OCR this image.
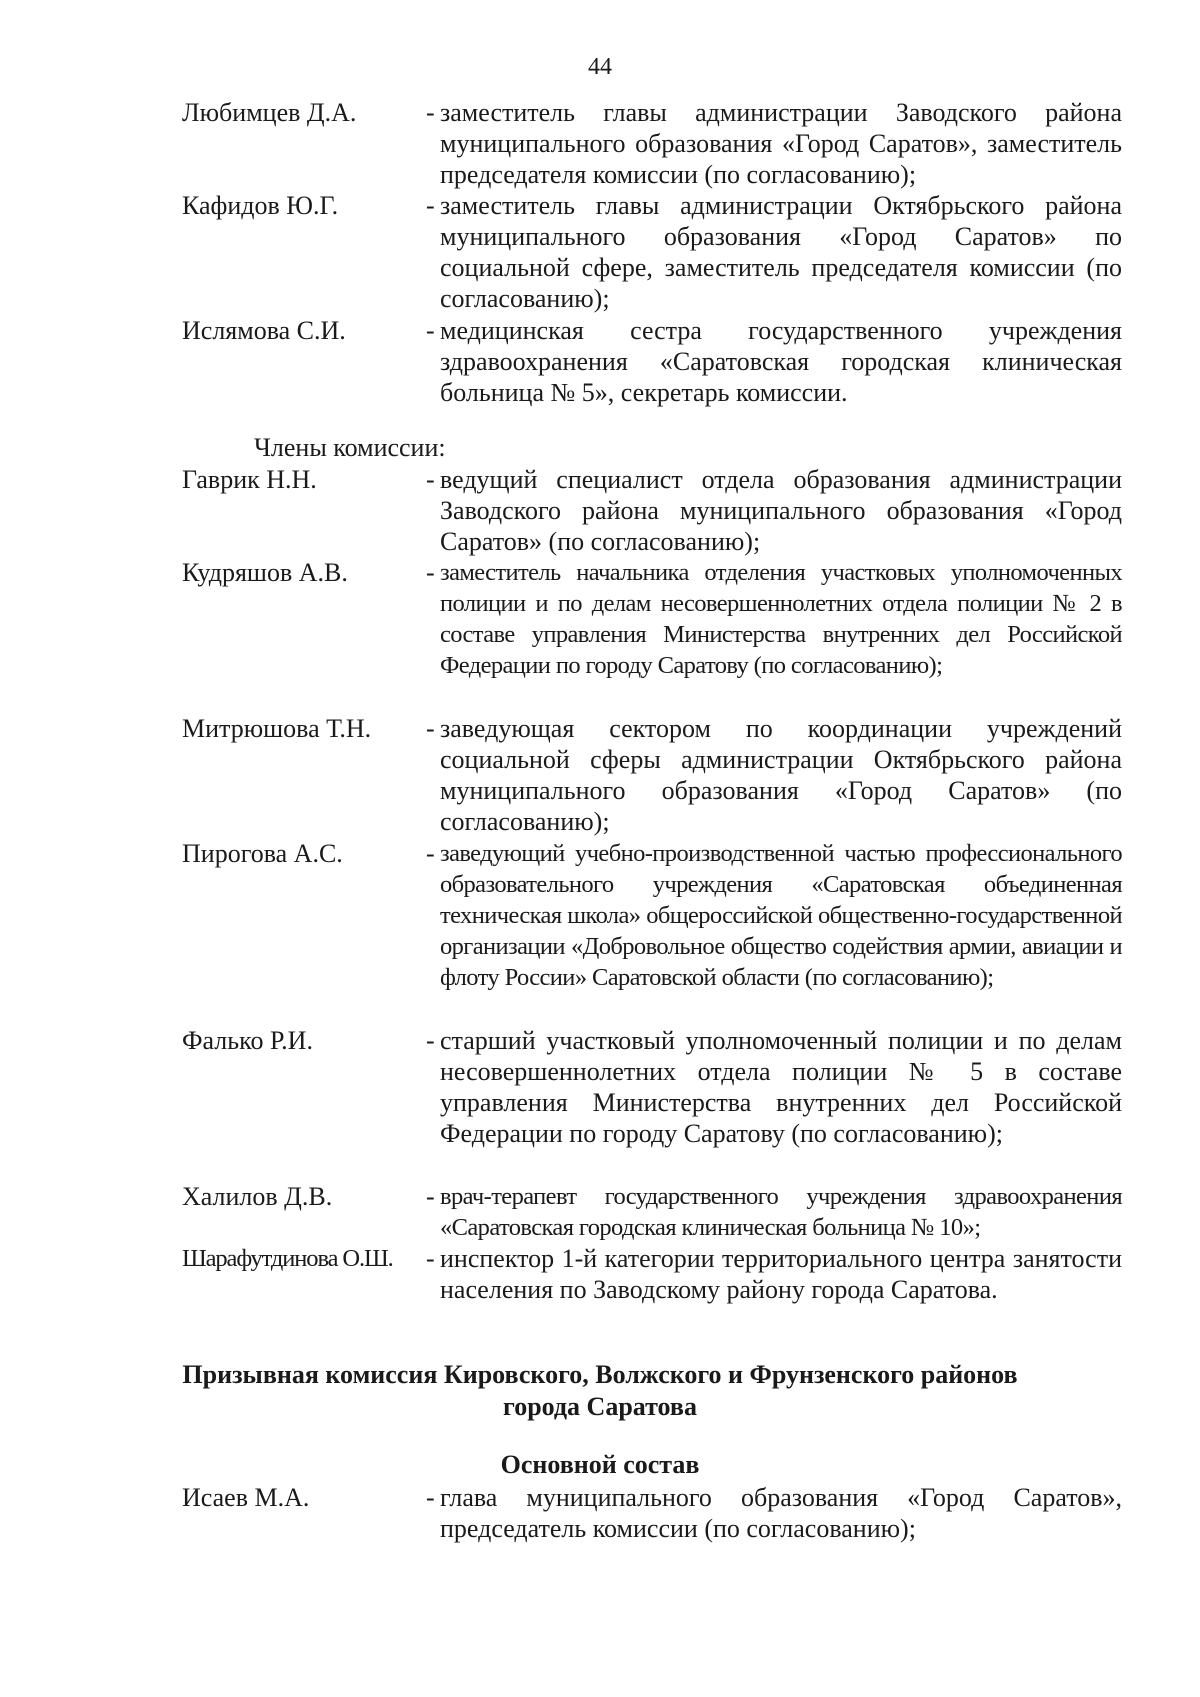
44
Любимцев Д.А.	- заместитель главы администрации Заводского района муниципального образования «Город Саратов», заместитель председателя комиссии (по согласованию);
Кафидов Ю.Г.	- заместитель главы администрации Октябрьского района муниципального образования «Город Саратов» по социальной сфере, заместитель председателя комиссии (по согласованию);
Ислямова С.И.	- медицинская сестра государственного учреждения здравоохранения «Саратовская городская клиническая больница № 5», секретарь комиссии.
Члены комиссии:
Гаврик Н.Н.	- ведущий специалист отдела образования администрации Заводского района муниципального образования «Город Саратов» (по согласованию);
Кудряшов А.В.	- заместитель начальника отделения участковых уполномоченных полиции и по делам несовершеннолетних отдела полиции № 2 в составе управления Министерства внутренних дел Российской Федерации по городу Саратову (по согласованию);
Митрюшова Т.Н.	- заведующая сектором по координации учреждений социальной сферы администрации Октябрьского района муниципального образования «Город Саратов» (по согласованию);
Пирогова А.С.	- заведующий учебно-производственной частью профессионального образовательного учреждения «Саратовская объединенная техническая школа» общероссийской общественно-государственной организации «Добровольное общество содействия армии, авиации и флоту России» Саратовской области (по согласованию);
Фалько Р.И.	- старший участковый уполномоченный полиции и по делам несовершеннолетних отдела полиции № 5 в составе управления Министерства внутренних дел Российской Федерации по городу Саратову (по согласованию);
Халилов Д.В.	- врач-терапевт государственного учреждения здравоохранения «Саратовская городская клиническая больница № 10»;
Шарафутдинова О.Ш.	- инспектор 1-й категории территориального центра занятости населения по Заводскому району города Саратова.
Призывная комиссия Кировского, Волжского и Фрунзенского районов
города Саратова
Основной состав
Исаев М.А.	- глава муниципального образования «Город Саратов», председатель комиссии (по согласованию);
